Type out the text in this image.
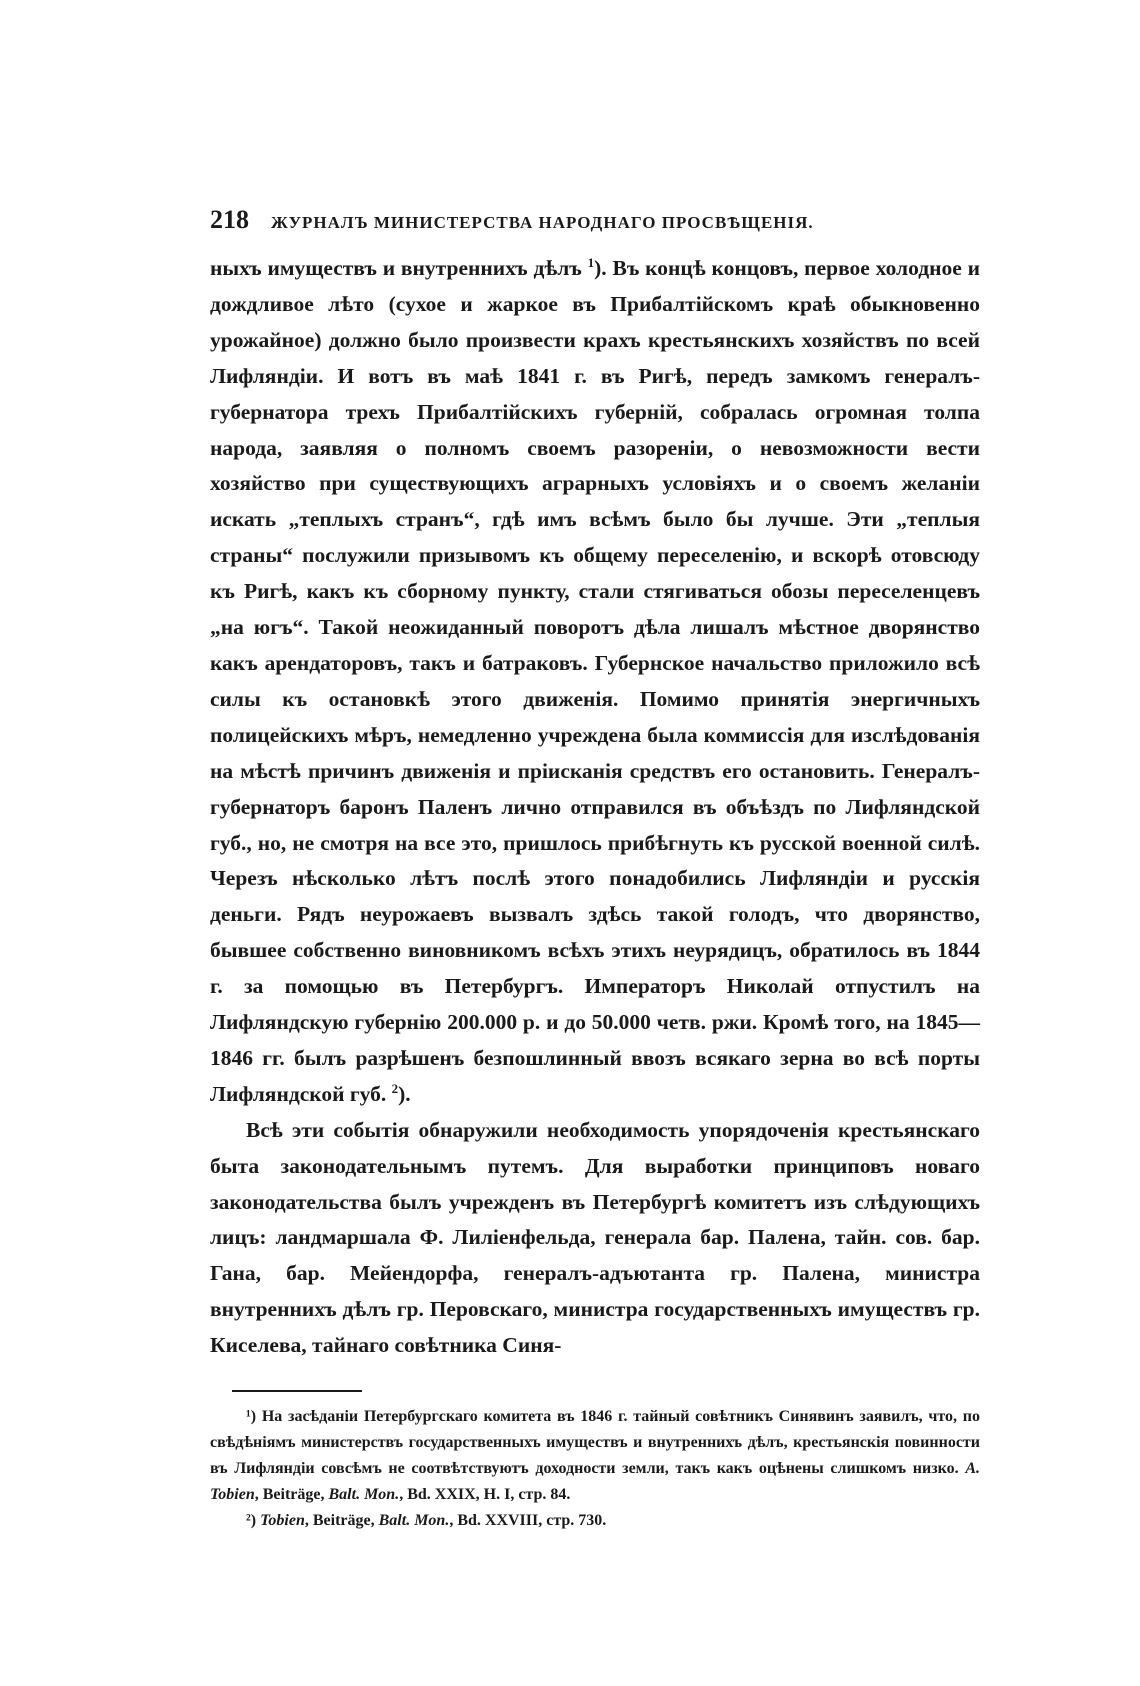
218 ЖУРНАЛЪ МИНИСТЕРСТВА НАРОДНАГО ПРОСВѢЩЕНІЯ.

ныхъ имуществъ и внутреннихъ дѣлъ $^1$). Въ концѣ концовъ, первое холодное и дождливое лѣто (сухое и жаркое въ Прибалтійскомъ краѣ обыкновенно урожайное) должно было произвести крахъ крестьянскихъ хозяйствъ по всей Лифляндіи. И вотъ въ маѣ 1841 г. въ Ригѣ, передъ замкомъ генералъ-губернатора трехъ Прибалтійскихъ губерній, собралась огромная толпа народа, заявляя о полномъ своемъ разореніи, о невозможности вести хозяйство при существующихъ аграрныхъ условіяхъ и о своемъ желаніи искать „теплыхъ странъ“, гдѣ имъ всѣмъ было бы лучше. Эти „теплыя страны“ послужили призывомъ къ общему переселенію, и вскорѣ отовсюду къ Ригѣ, какъ къ сборному пункту, стали стягиваться обозы переселенцевъ „на югъ“. Такой неожиданный поворотъ дѣла лишалъ мѣстное дворянство какъ арендаторовъ, такъ и батраковъ. Губернское начальство приложило всѣ силы къ остановкѣ этого движенія. Помимо принятія энергичныхъ полицейскихъ мѣръ, немедленно учреждена была коммиссія для изслѣдованія на мѣстѣ причинъ движенія и пріисканія средствъ его остановить. Генералъ-губернаторъ баронъ Паленъ лично отправился въ объѣздъ по Лифляндской губ., но, не смотря на все это, пришлось прибѣгнуть къ русской военной силѣ. Черезъ нѣсколько лѣтъ послѣ этого понадобились Лифляндіи и русскія деньги. Рядъ неурожаевъ вызвалъ здѣсь такой голодъ, что дворянство, бывшее собственно виновникомъ всѣхъ этихъ неурядицъ, обратилось въ 1844 г. за помощью въ Петербургъ. Императоръ Николай отпустилъ на Лифляндскую губернію 200.000 р. и до 50.000 четв. ржи. Кромѣ того, на 1845—1846 гг. былъ разрѣшенъ безпошлинный ввозъ всякаго зерна во всѣ порты Лифляндской губ. $^2$).

Всѣ эти событія обнаружили необходимость упорядоченія крестьянскаго быта законодательнымъ путемъ. Для выработки принциповъ новаго законодательства былъ учрежденъ въ Петербургѣ комитетъ изъ слѣдующихъ лицъ: ландмаршала Ф. Лиліенфельда, генерала бар. Палена, тайн. сов. бар. Гана, бар. Мейендорфа, генералъ-адъютанта гр. Палена, министра внутреннихъ дѣлъ гр. Перовскаго, министра государственныхъ имуществъ гр. Киселева, тайнаго совѣтника Синя-

¹) На засѣданіи Петербургскаго комитета въ 1846 г. тайный совѣтникъ Синявинъ заявилъ, что, по свѣдѣніямъ министерствъ государственныхъ имуществъ и внутреннихъ дѣлъ, крестьянскія повинности въ Лифляндіи совсѣмъ не соотвѣтствуютъ доходности земли, такъ какъ оцѣнены слишкомъ низко. A. Tobien, Beiträge, Balt. Mon., Bd. XXIX, H. I, стр. 84.

²) Tobien, Beiträge, Balt. Mon., Bd. XXVIII, стр. 730.
